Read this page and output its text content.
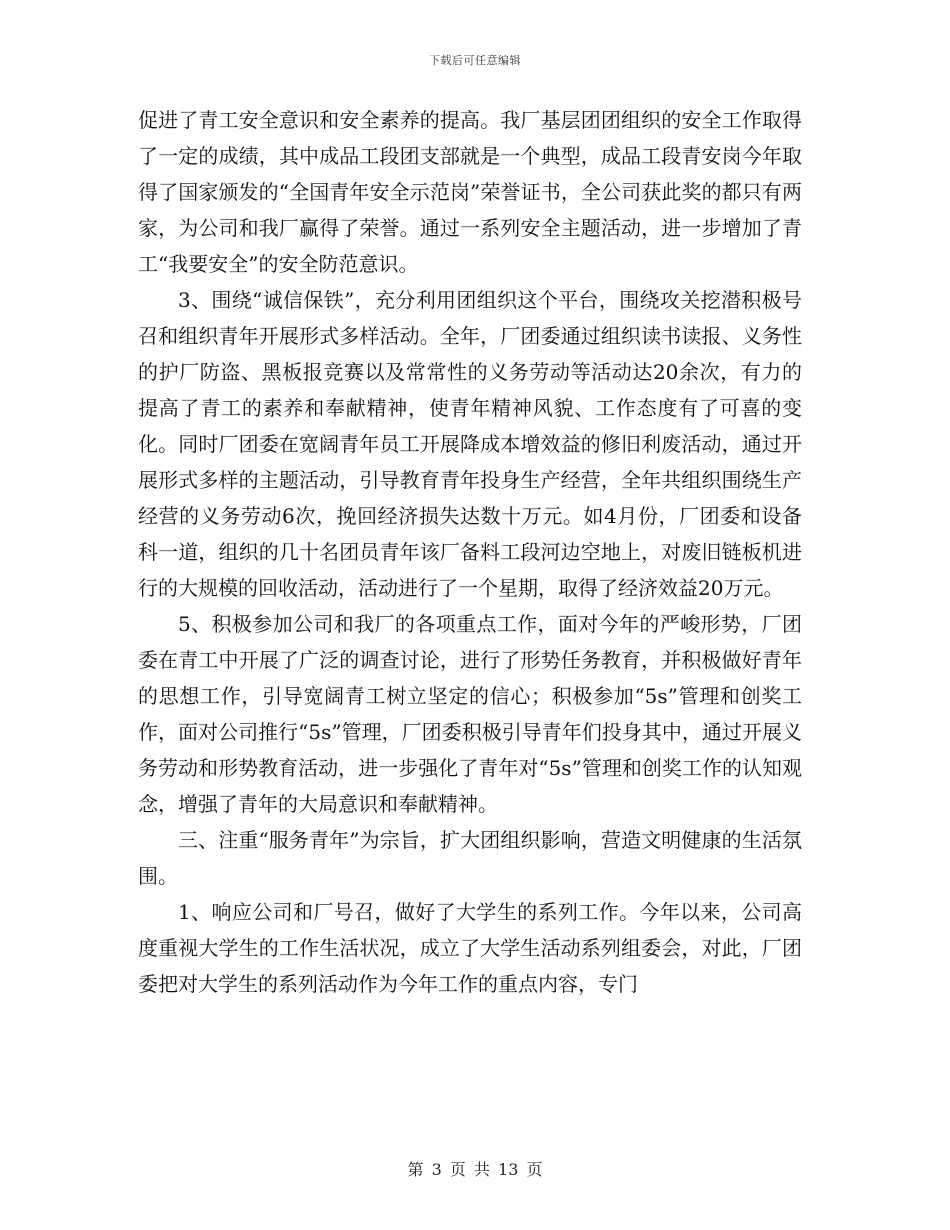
下载后可任意编辑

促进了青工安全意识和安全素养的提高。我厂基层团团组织的安全工作取得了一定的成绩，其中成品工段团支部就是一个典型，成品工段青安岗今年取得了国家颁发的“全国青年安全示范岗”荣誉证书，全公司获此奖的都只有两家，为公司和我厂赢得了荣誉。通过一系列安全主题活动，进一步增加了青工“我要安全”的安全防范意识。

3、围绕“诚信保铁”，充分利用团组织这个平台，围绕攻关挖潜积极号召和组织青年开展形式多样活动。全年，厂团委通过组织读书读报、义务性的护厂防盗、黑板报竞赛以及常常性的义务劳动等活动达20余次，有力的提高了青工的素养和奉献精神，使青年精神风貌、工作态度有了可喜的变化。同时厂团委在宽阔青年员工开展降成本增效益的修旧利废活动，通过开展形式多样的主题活动，引导教育青年投身生产经营，全年共组织围绕生产经营的义务劳动6次，挽回经济损失达数十万元。如4月份，厂团委和设备科一道，组织的几十名团员青年该厂备料工段河边空地上，对废旧链板机进行的大规模的回收活动，活动进行了一个星期，取得了经济效益20万元。

5、积极参加公司和我厂的各项重点工作，面对今年的严峻形势，厂团委在青工中开展了广泛的调查讨论，进行了形势任务教育，并积极做好青年的思想工作，引导宽阔青工树立坚定的信心；积极参加“5s”管理和创奖工作，面对公司推行“5s”管理，厂团委积极引导青年们投身其中，通过开展义务劳动和形势教育活动，进一步强化了青年对“5s”管理和创奖工作的认知观念，增强了青年的大局意识和奉献精神。

三、注重“服务青年”为宗旨，扩大团组织影响，营造文明健康的生活氛围。

1、响应公司和厂号召，做好了大学生的系列工作。今年以来，公司高度重视大学生的工作生活状况，成立了大学生活动系列组委会，对此，厂团委把对大学生的系列活动作为今年工作的重点内容，专门

第 3 页 共 13 页
